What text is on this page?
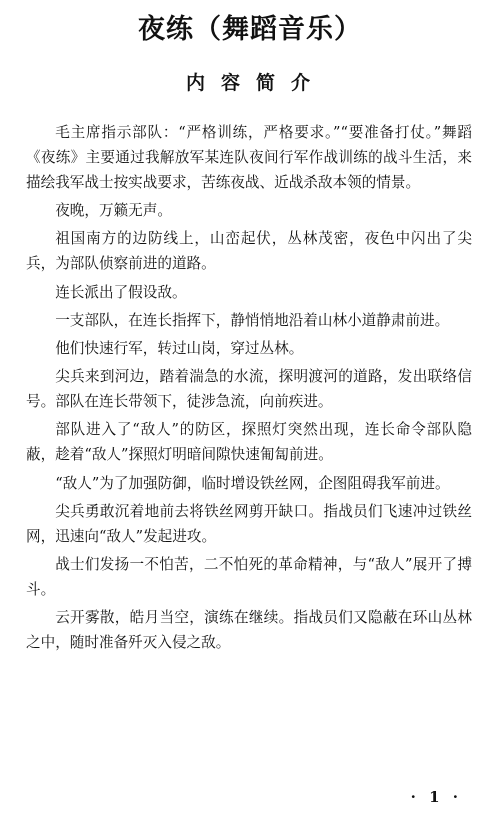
夜练（舞蹈音乐）
内容简介

毛主席指示部队：“严格训练，严格要求。”“要准备打仗。”舞蹈《夜练》主要通过我解放军某连队夜间行军作战训练的战斗生活，来描绘我军战士按实战要求，苦练夜战、近战杀敌本领的情景。

夜晚，万籁无声。

祖国南方的边防线上，山峦起伏，丛林茂密，夜色中闪出了尖兵，为部队侦察前进的道路。

连长派出了假设敌。

一支部队，在连长指挥下，静悄悄地沿着山林小道静肃前进。

他们快速行军，转过山岗，穿过丛林。

尖兵来到河边，踏着湍急的水流，探明渡河的道路，发出联络信号。部队在连长带领下，徒涉急流，向前疾进。

部队进入了“敌人”的防区，探照灯突然出现，连长命令部队隐蔽，趁着“敌人”探照灯明暗间隙快速匍匐前进。

“敌人”为了加强防御，临时增设铁丝网，企图阻碍我军前进。

尖兵勇敢沉着地前去将铁丝网剪开缺口。指战员们飞速冲过铁丝网，迅速向“敌人”发起进攻。

战士们发扬一不怕苦，二不怕死的革命精神，与“敌人”展开了搏斗。

云开雾散，皓月当空，演练在继续。指战员们又隐蔽在环山丛林之中，随时准备歼灭入侵之敌。

· 1 ·
